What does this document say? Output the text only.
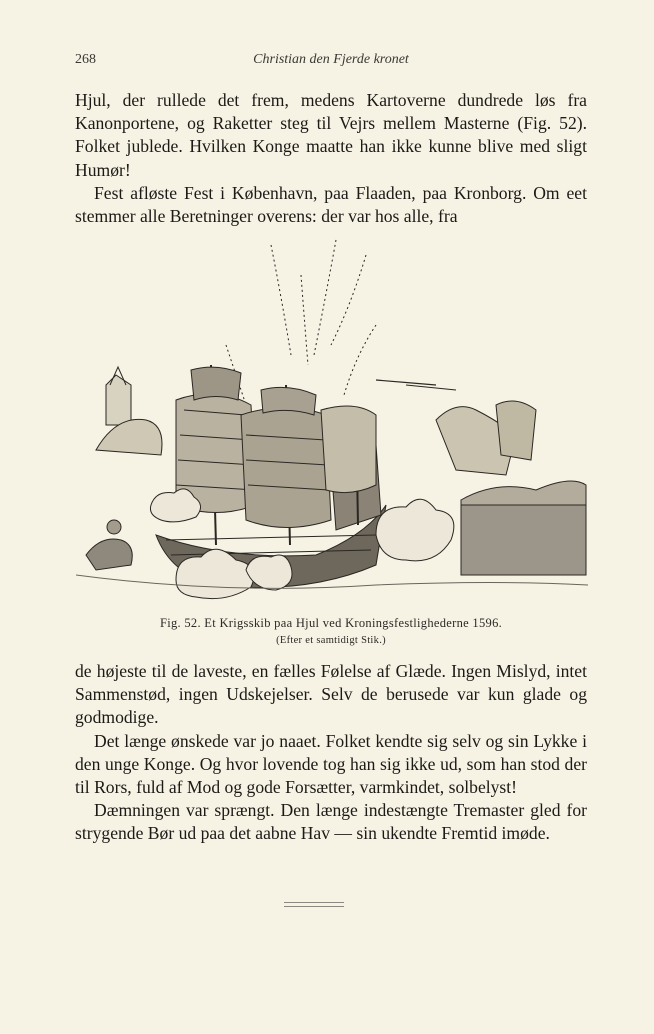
268	Christian den Fjerde kronet

Hjul, der rullede det frem, medens Kartoverne dundrede løs fra Kanonportene, og Raketter steg til Vejrs mellem Masterne (Fig. 52). Folket jublede. Hvilken Konge maatte han ikke kunne blive med sligt Humør!

Fest afløste Fest i København, paa Flaaden, paa Kronborg. Om eet stemmer alle Beretninger overens: der var hos alle, fra

Fig. 52. Et Krigsskib paa Hjul ved Kroningsfestlighederne 1596.
(Efter et samtidigt Stik.)

de højeste til de laveste, en fælles Følelse af Glæde. Ingen Mislyd, intet Sammenstød, ingen Udskejelser. Selv de berusede var kun glade og godmodige.

Det længe ønskede var jo naaet. Folket kendte sig selv og sin Lykke i den unge Konge. Og hvor lovende tog han sig ikke ud, som han stod der til Rors, fuld af Mod og gode Forsætter, varmkindet, solbelyst!

Dæmningen var sprængt. Den længe indestængte Tremaster gled for strygende Bør ud paa det aabne Hav — sin ukendte Fremtid imøde.
